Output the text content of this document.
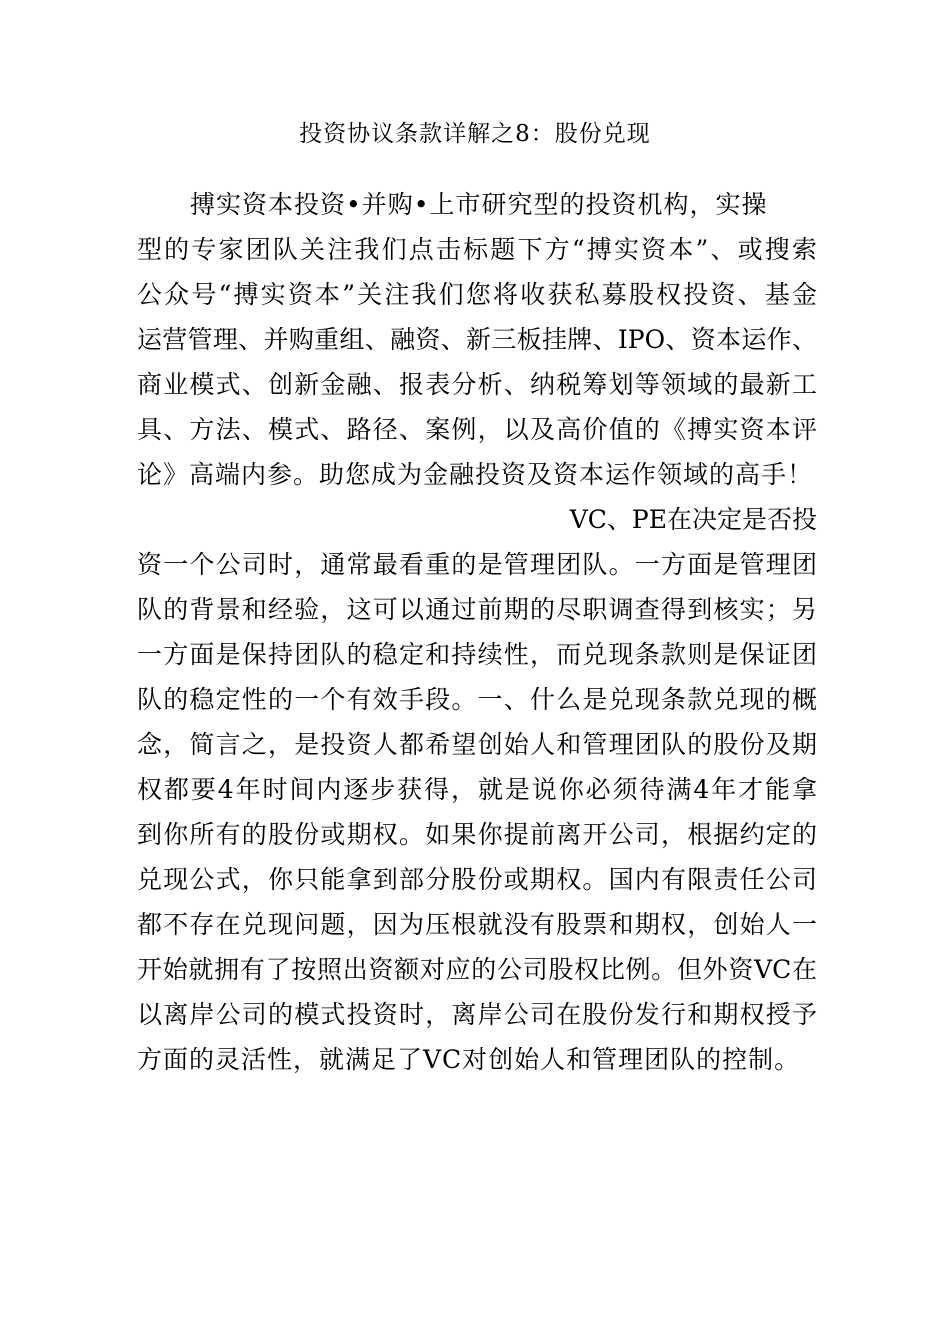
投资协议条款详解之8：股份兑现
搏实资本投资•并购•上市研究型的投资机构，实操
型的专家团队关注我们点击标题下方“搏实资本”、或搜索
公众号“搏实资本”关注我们您将收获私募股权投资、基金
运营管理、并购重组、融资、新三板挂牌、IPO、资本运作、
商业模式、创新金融、报表分析、纳税筹划等领域的最新工
具、方法、模式、路径、案例，以及高价值的《搏实资本评
论》高端内参。助您成为金融投资及资本运作领域的高手！
VC、PE在决定是否投
资一个公司时，通常最看重的是管理团队。一方面是管理团
队的背景和经验，这可以通过前期的尽职调查得到核实；另
一方面是保持团队的稳定和持续性，而兑现条款则是保证团
队的稳定性的一个有效手段。一、什么是兑现条款兑现的概
念，简言之，是投资人都希望创始人和管理团队的股份及期
权都要4年时间内逐步获得，就是说你必须待满4年才能拿
到你所有的股份或期权。如果你提前离开公司，根据约定的
兑现公式，你只能拿到部分股份或期权。国内有限责任公司
都不存在兑现问题，因为压根就没有股票和期权，创始人一
开始就拥有了按照出资额对应的公司股权比例。但外资VC在
以离岸公司的模式投资时，离岸公司在股份发行和期权授予
方面的灵活性，就满足了VC对创始人和管理团队的控制。
